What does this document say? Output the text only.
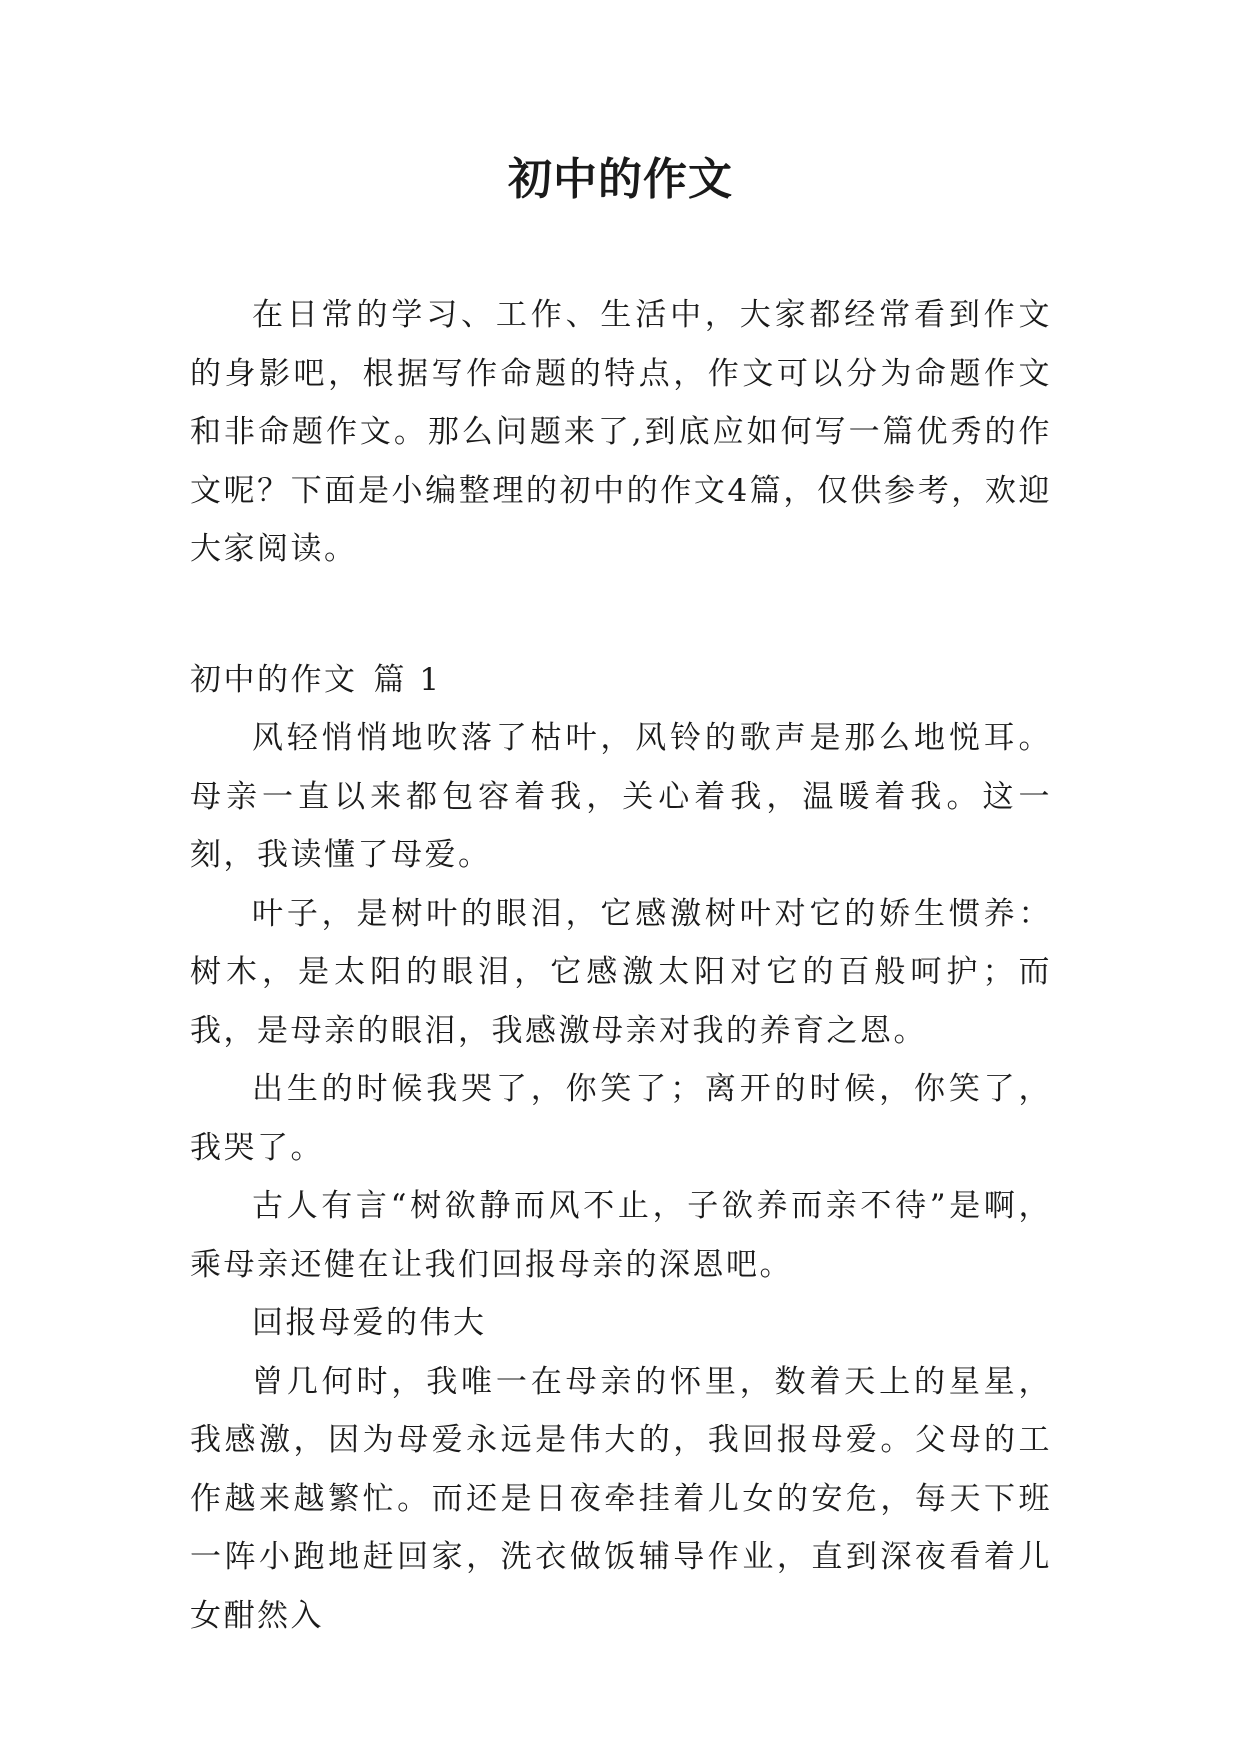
初中的作文

在日常的学习、工作、生活中，大家都经常看到作文的身影吧，根据写作命题的特点，作文可以分为命题作文和非命题作文。那么问题来了,到底应如何写一篇优秀的作文呢？下面是小编整理的初中的作文4篇，仅供参考，欢迎大家阅读。

初中的作文 篇 1

风轻悄悄地吹落了枯叶，风铃的歌声是那么地悦耳。母亲一直以来都包容着我，关心着我，温暖着我。这一刻，我读懂了母爱。

叶子，是树叶的眼泪，它感激树叶对它的娇生惯养：树木，是太阳的眼泪，它感激太阳对它的百般呵护；而我，是母亲的眼泪，我感激母亲对我的养育之恩。

出生的时候我哭了，你笑了；离开的时候，你笑了，我哭了。

古人有言“树欲静而风不止，子欲养而亲不待”是啊，乘母亲还健在让我们回报母亲的深恩吧。

回报母爱的伟大

曾几何时，我唯一在母亲的怀里，数着天上的星星，我感激，因为母爱永远是伟大的，我回报母爱。父母的工作越来越繁忙。而还是日夜牵挂着儿女的安危，每天下班一阵小跑地赶回家，洗衣做饭辅导作业，直到深夜看着儿女酣然入
